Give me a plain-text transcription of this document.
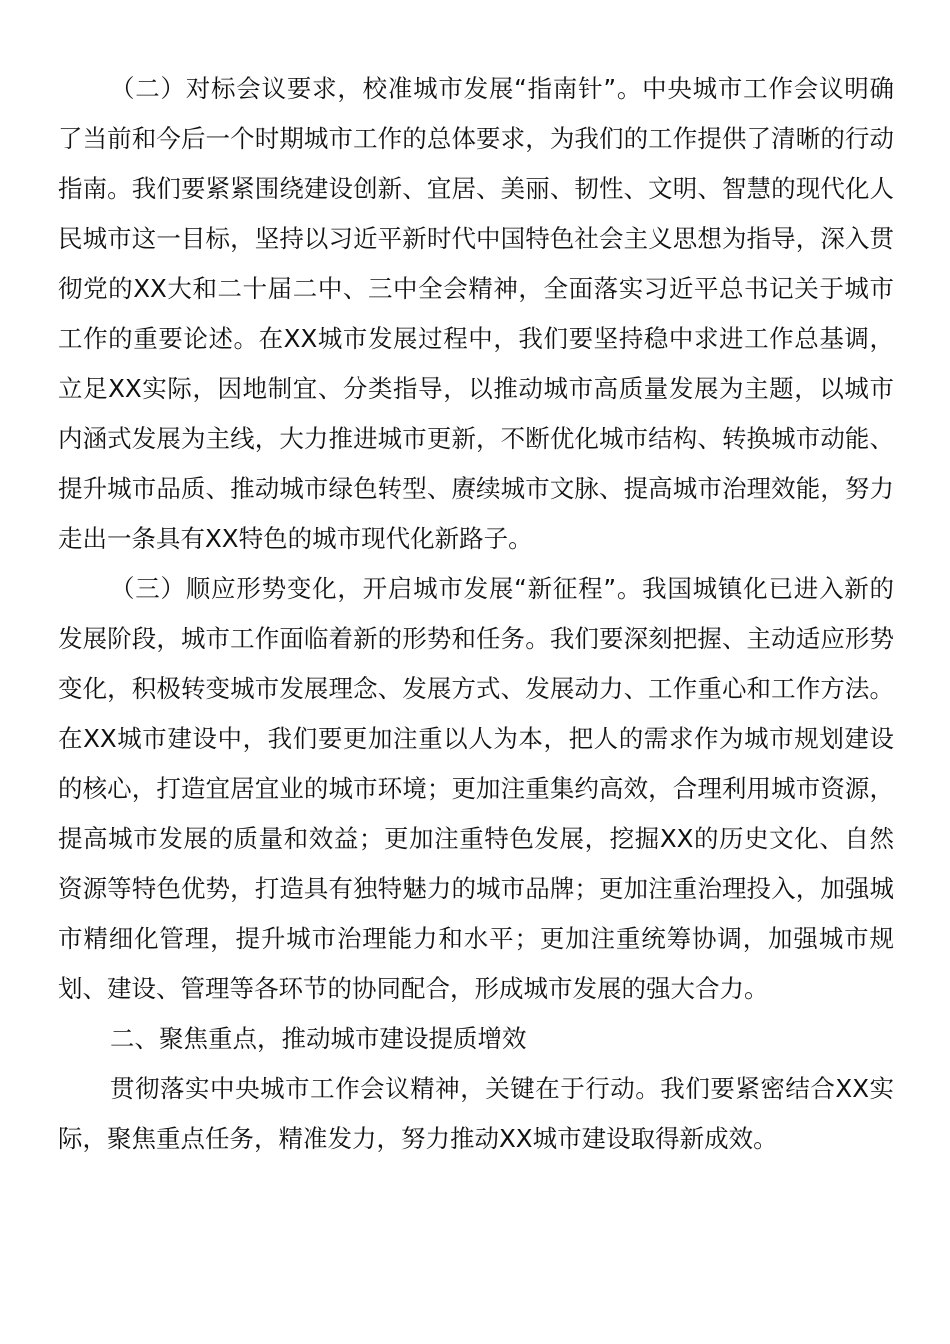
（二）对标会议要求，校准城市发展“指南针”。中央城市工作会议明确了当前和今后一个时期城市工作的总体要求，为我们的工作提供了清晰的行动指南。我们要紧紧围绕建设创新、宜居、美丽、韧性、文明、智慧的现代化人民城市这一目标，坚持以习近平新时代中国特色社会主义思想为指导，深入贯彻党的XX大和二十届二中、三中全会精神，全面落实习近平总书记关于城市工作的重要论述。在XX城市发展过程中，我们要坚持稳中求进工作总基调，立足XX实际，因地制宜、分类指导，以推动城市高质量发展为主题，以城市内涵式发展为主线，大力推进城市更新，不断优化城市结构、转换城市动能、提升城市品质、推动城市绿色转型、赓续城市文脉、提高城市治理效能，努力走出一条具有XX特色的城市现代化新路子。

（三）顺应形势变化，开启城市发展“新征程”。我国城镇化已进入新的发展阶段，城市工作面临着新的形势和任务。我们要深刻把握、主动适应形势变化，积极转变城市发展理念、发展方式、发展动力、工作重心和工作方法。在XX城市建设中，我们要更加注重以人为本，把人的需求作为城市规划建设的核心，打造宜居宜业的城市环境；更加注重集约高效，合理利用城市资源，提高城市发展的质量和效益；更加注重特色发展，挖掘XX的历史文化、自然资源等特色优势，打造具有独特魅力的城市品牌；更加注重治理投入，加强城市精细化管理，提升城市治理能力和水平；更加注重统筹协调，加强城市规划、建设、管理等各环节的协同配合，形成城市发展的强大合力。

二、聚焦重点，推动城市建设提质增效

贯彻落实中央城市工作会议精神，关键在于行动。我们要紧密结合XX实际，聚焦重点任务，精准发力，努力推动XX城市建设取得新成效。
